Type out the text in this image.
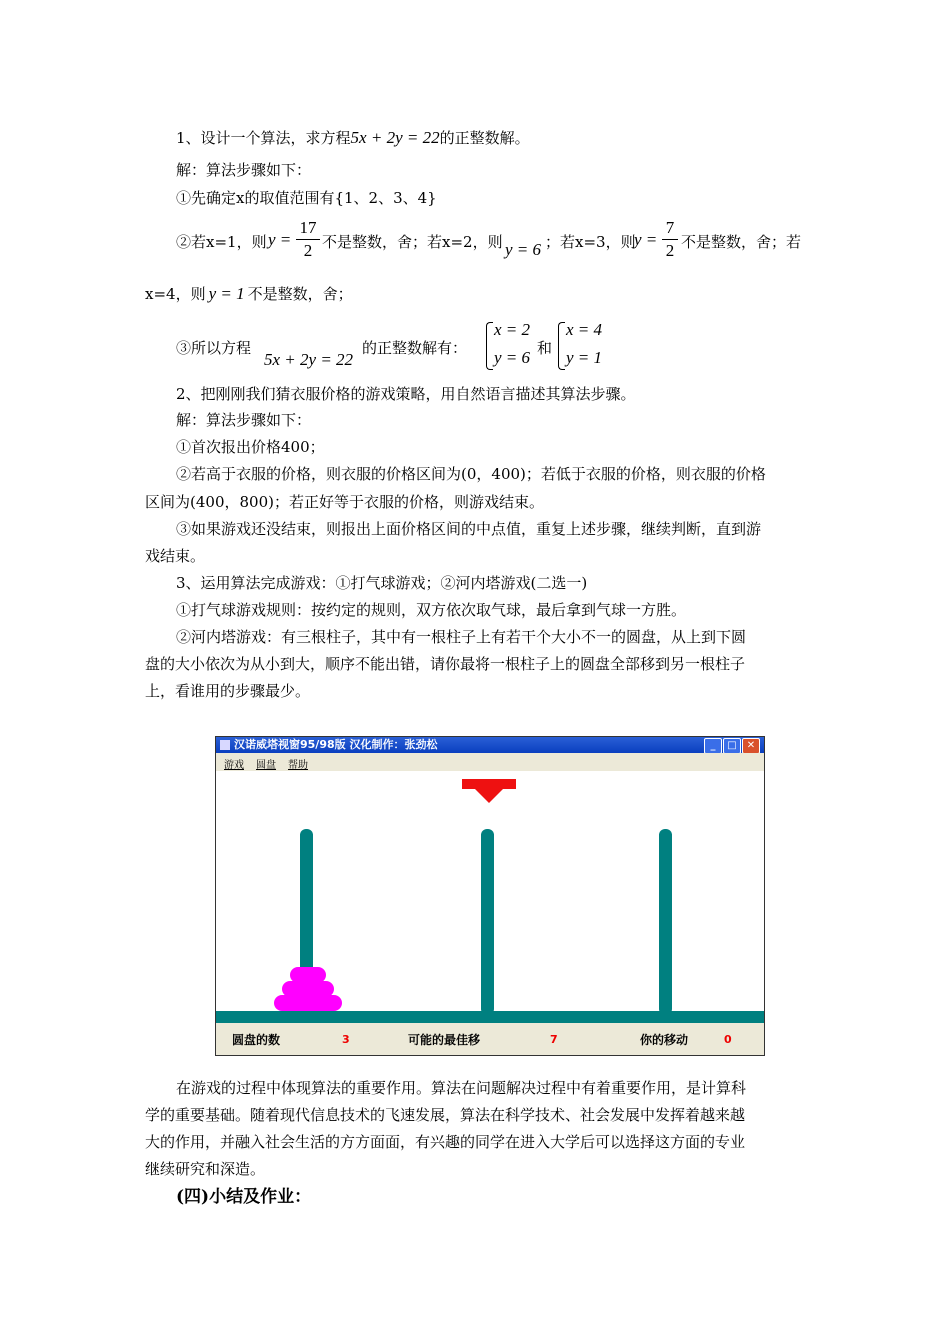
1、设计一个算法，求方程5x + 2y = 22的正整数解。
解：算法步骤如下：
①先确定x的取值范围有{1、2、3、4}
②若x=1，则 y =
17
2 不是整数，舍；若x=2，则 y = 6 ；若x=3，则
y =
7
2 不是整数，舍；若
x=4，则 y = 1 不是整数，舍；
③所以方程
5x + 2y = 22
的正整数解有：
x = 2
y = 6 和
x = 4
y = 1
2、把刚刚我们猜衣服价格的游戏策略，用自然语言描述其算法步骤。
解：算法步骤如下：
①首次报出价格400；
②若高于衣服的价格，则衣服的价格区间为(0，400)；若低于衣服的价格，则衣服的价格
区间为(400，800)；若正好等于衣服的价格，则游戏结束。
③如果游戏还没结束，则报出上面价格区间的中点值，重复上述步骤，继续判断，直到游
戏结束。
3、运用算法完成游戏：①打气球游戏；②河内塔游戏(二选一)
①打气球游戏规则：按约定的规则，双方依次取气球，最后拿到气球一方胜。
②河内塔游戏：有三根柱子，其中有一根柱子上有若干个大小不一的圆盘，从上到下圆
盘的大小依次为从小到大，顺序不能出错，请你最将一根柱子上的圆盘全部移到另一根柱子
上，看谁用的步骤最少。
汉诺威塔视窗95/98版 汉化制作：张劲松	_	□	✕
游戏 圆盘 帮助
圆盘的数	3	可能的最佳移	7	你的移动	0
在游戏的过程中体现算法的重要作用。算法在问题解决过程中有着重要作用，是计算科
学的重要基础。随着现代信息技术的飞速发展，算法在科学技术、社会发展中发挥着越来越
大的作用，并融入社会生活的方方面面，有兴趣的同学在进入大学后可以选择这方面的专业
继续研究和深造。
(四)小结及作业：
